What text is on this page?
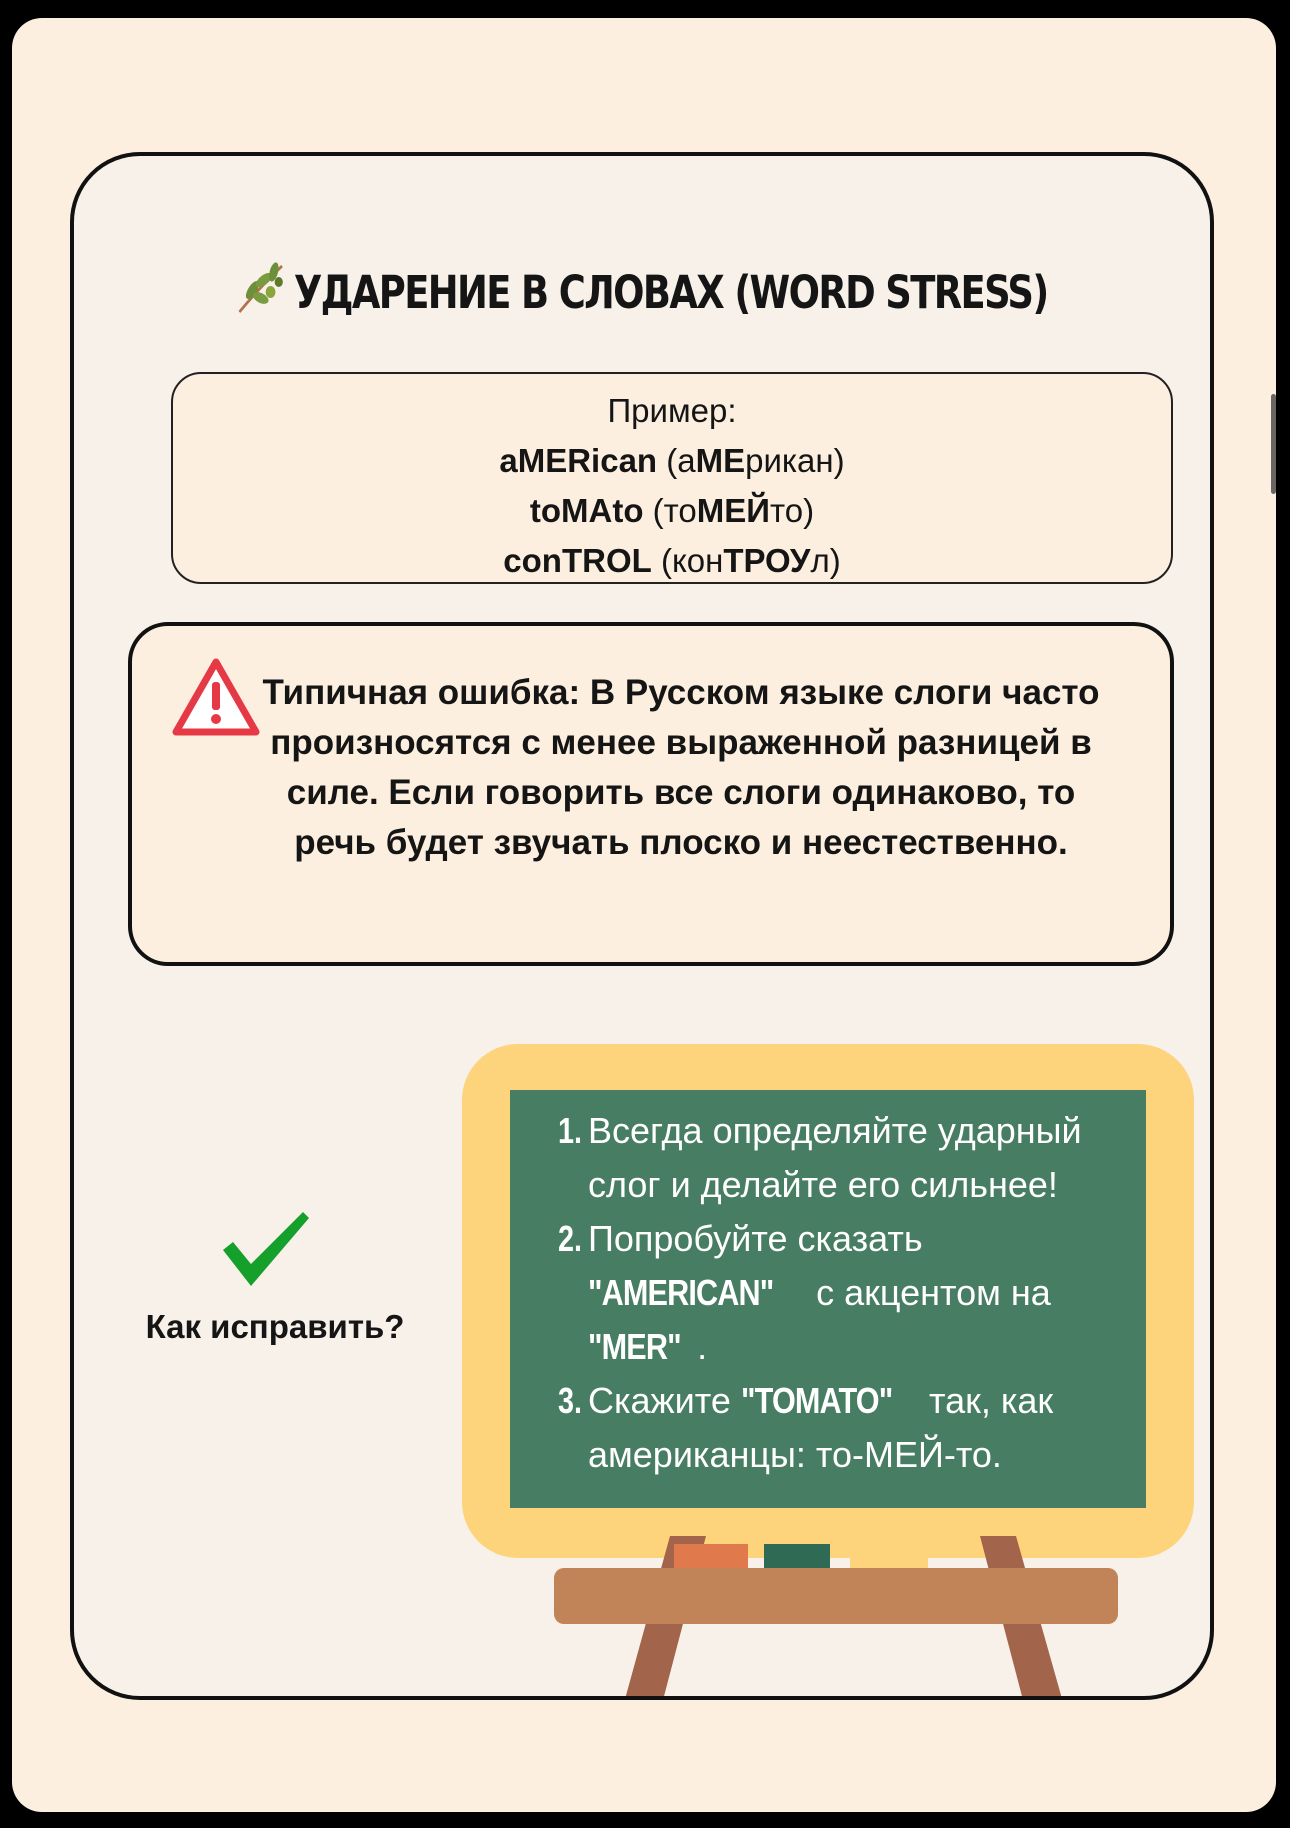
УДАРЕНИЕ В СЛОВАХ (WORD STRESS)
Пример:
aMERican (аМЕрикан)
toMAto (тоМЕЙто)
conTROL (конТРОУл)
Типичная ошибка: В Русском языке слоги часто произносятся с менее выраженной разницей в силе. Если говорить все слоги одинаково, то речь будет звучать плоско и неестественно.
Как исправить?
1. Всегда определяйте ударный слог и делайте его сильнее!
2. Попробуйте сказать "AMERICAN" с акцентом на "MER" .
3. Скажите "TOMATO" так, как американцы: то-МЕЙ-то.
